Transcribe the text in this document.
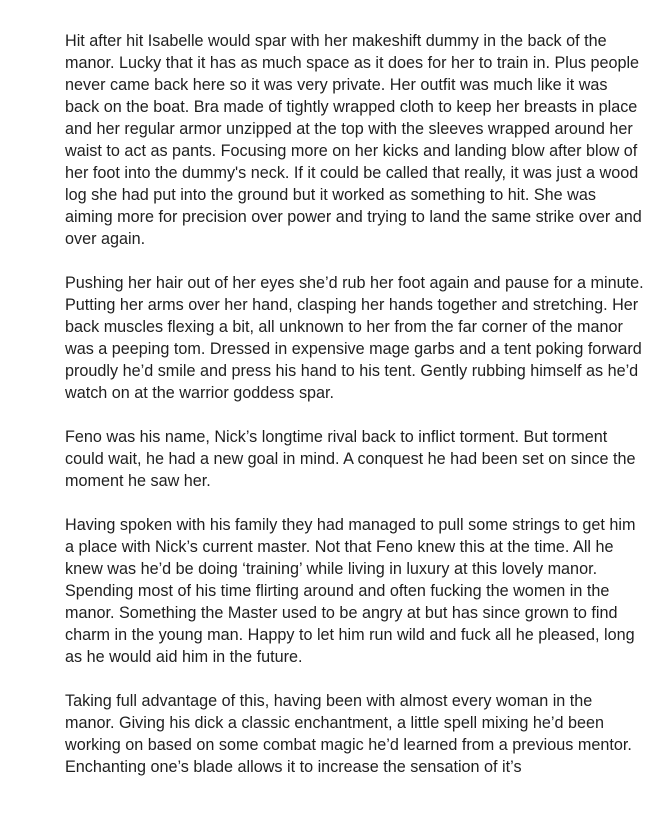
Hit after hit Isabelle would spar with her makeshift dummy in the back of the manor. Lucky that it has as much space as it does for her to train in. Plus people never came back here so it was very private. Her outfit was much like it was back on the boat. Bra made of tightly wrapped cloth to keep her breasts in place and her regular armor unzipped at the top with the sleeves wrapped around her waist to act as pants. Focusing more on her kicks and landing blow after blow of her foot into the dummy's neck. If it could be called that really, it was just a wood log she had put into the ground but it worked as something to hit. She was aiming more for precision over power and trying to land the same strike over and over again.

Pushing her hair out of her eyes she’d rub her foot again and pause for a minute. Putting her arms over her hand, clasping her hands together and stretching. Her back muscles flexing a bit, all unknown to her from the far corner of the manor was a peeping tom. Dressed in expensive mage garbs and a tent poking forward proudly he’d smile and press his hand to his tent. Gently rubbing himself as he’d watch on at the warrior goddess spar.

Feno was his name, Nick’s longtime rival back to inflict torment. But torment could wait, he had a new goal in mind. A conquest he had been set on since the moment he saw her.

Having spoken with his family they had managed to pull some strings to get him a place with Nick’s current master. Not that Feno knew this at the time. All he knew was he’d be doing ‘training’ while living in luxury at this lovely manor. Spending most of his time flirting around and often fucking the women in the manor. Something the Master used to be angry at but has since grown to find charm in the young man. Happy to let him run wild and fuck all he pleased, long as he would aid him in the future.

Taking full advantage of this, having been with almost every woman in the manor. Giving his dick a classic enchantment, a little spell mixing he’d been working on based on some combat magic he’d learned from a previous mentor. Enchanting one’s blade allows it to increase the sensation of it’s
